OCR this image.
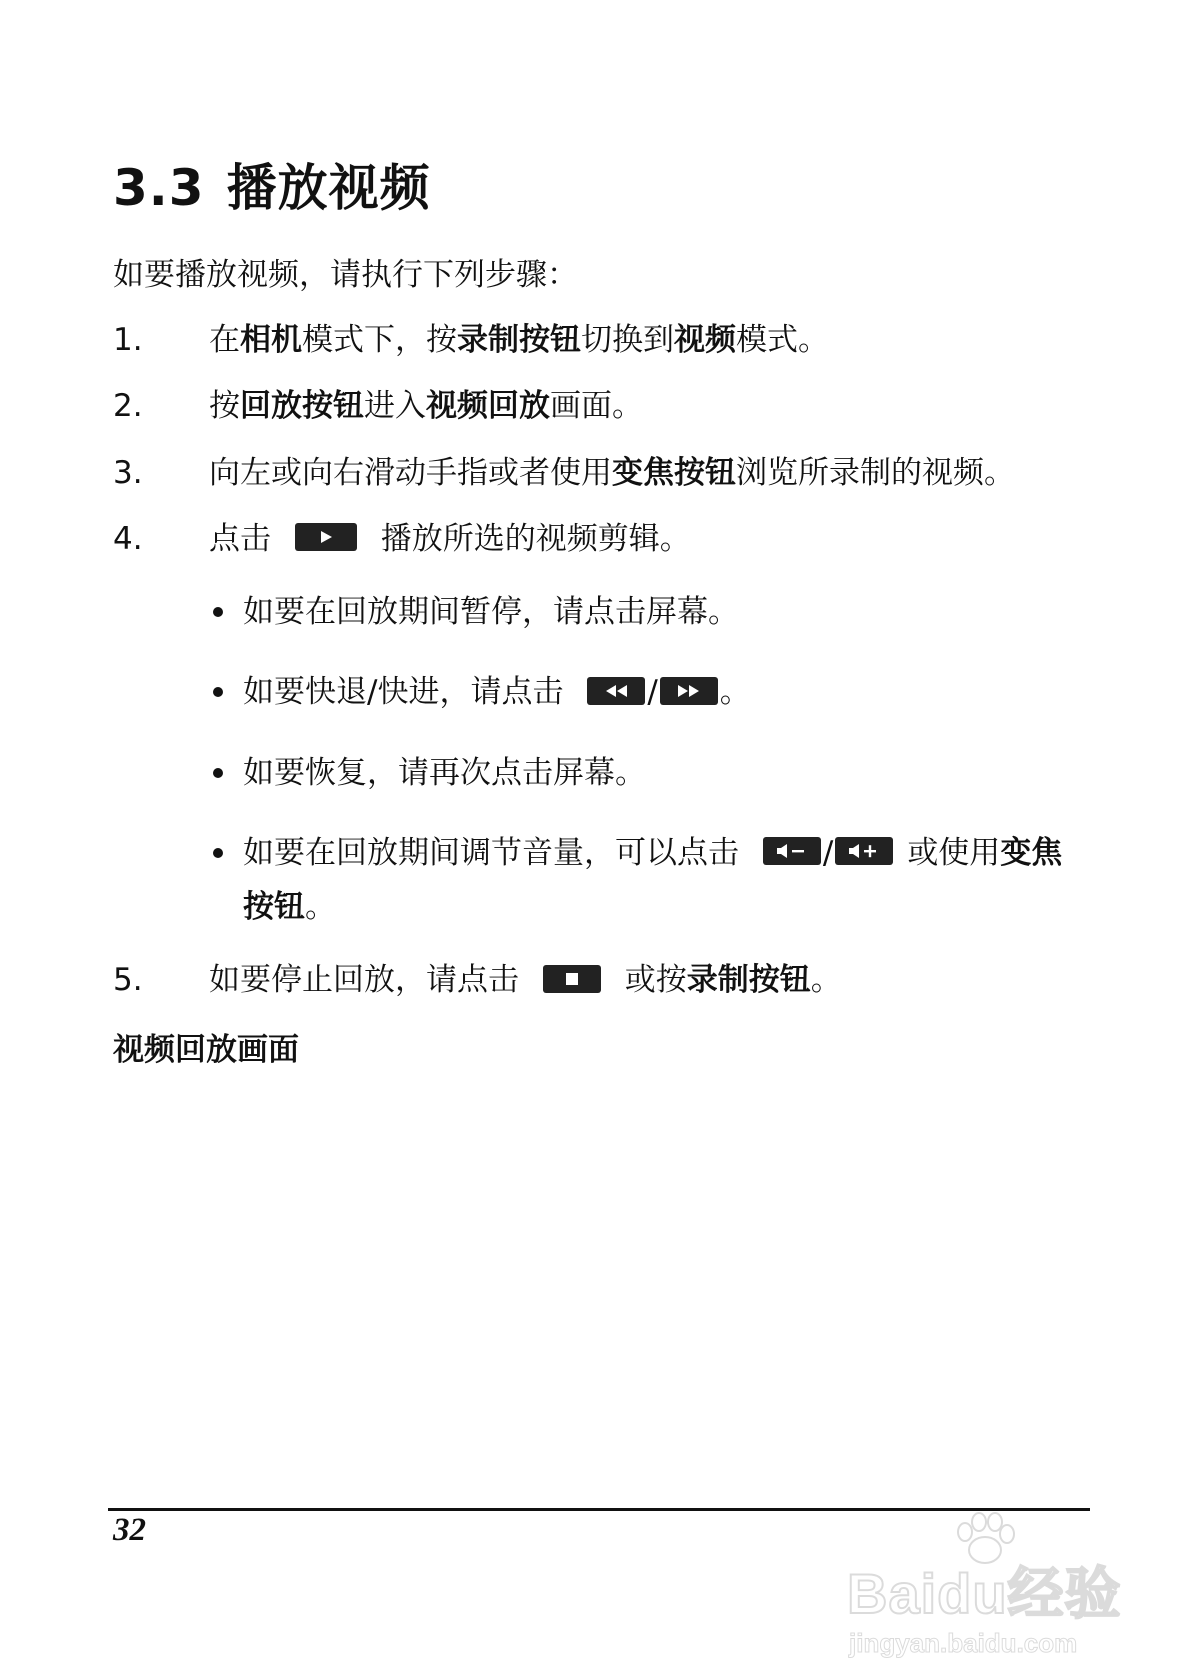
3.3 播放视频

如要播放视频，请执行下列步骤：

1. 在相机模式下，按录制按钮切换到视频模式。
2. 按回放按钮进入视频回放画面。
3. 向左或向右滑动手指或者使用变焦按钮浏览所录制的视频。
4. 点击	播放所选的视频剪辑。
如要在回放期间暂停，请点击屏幕。
如要快退/快进，请点击	/ 。
如要恢复，请再次点击屏幕。
如要在回放期间调节音量，可以点击	/ 或使用变焦按钮。
5. 如要停止回放，请点击	或按录制按钮。

视频回放画面

32
Baidu经验
jingyan.baidu.com
